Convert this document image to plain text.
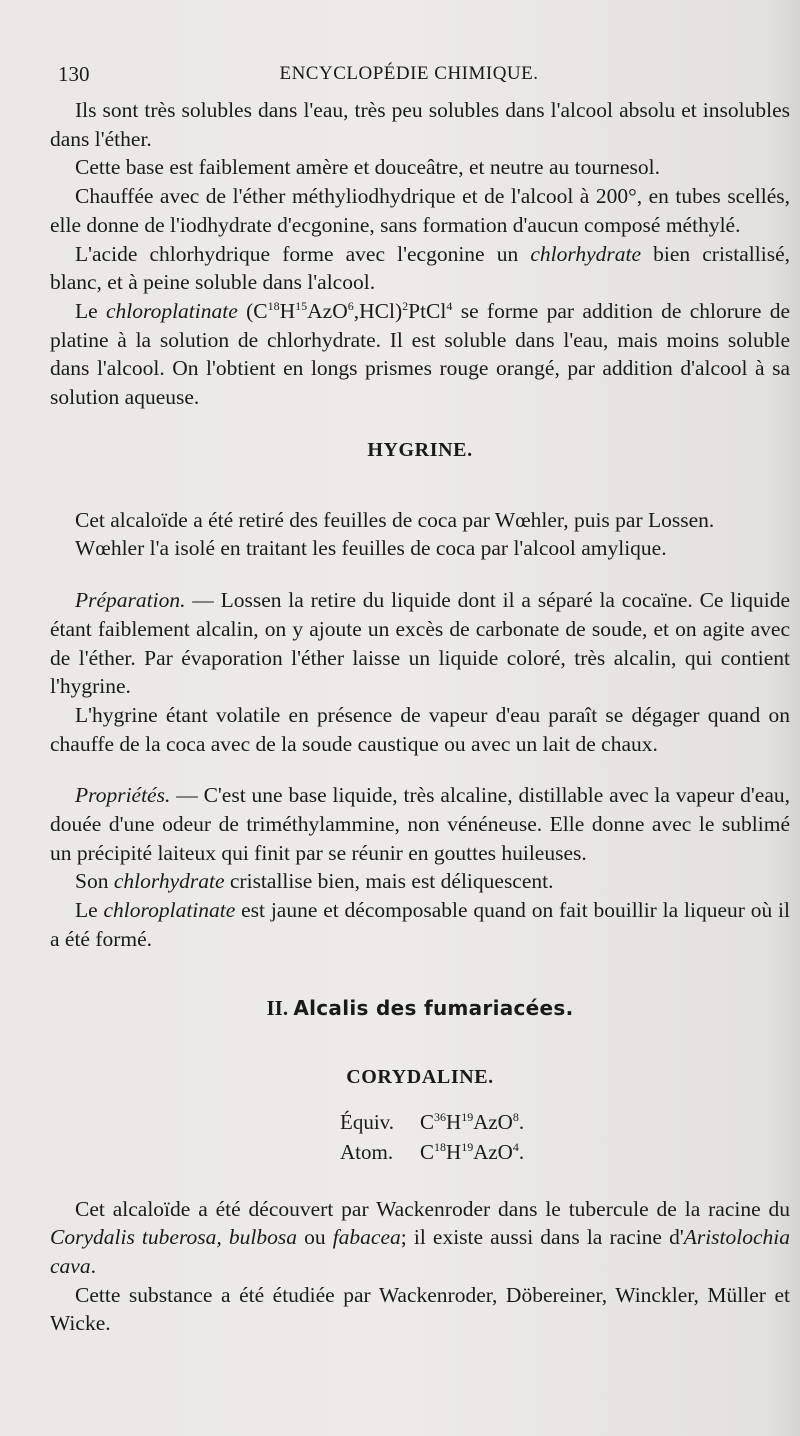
130	ENCYCLOPÉDIE CHIMIQUE.

Ils sont très solubles dans l'eau, très peu solubles dans l'alcool absolu et insolubles dans l'éther.

Cette base est faiblement amère et douceâtre, et neutre au tournesol.

Chauffée avec de l'éther méthyliodhydrique et de l'alcool à 200°, en tubes scellés, elle donne de l'iodhydrate d'ecgonine, sans formation d'aucun composé méthylé.

L'acide chlorhydrique forme avec l'ecgonine un chlorhydrate bien cristallisé, blanc, et à peine soluble dans l'alcool.

Le chloroplatinate $(C^{18}H^{15}AzO^6,HCl)^2PtCl^4$ se forme par addition de chlorure de platine à la solution de chlorhydrate. Il est soluble dans l'eau, mais moins soluble dans l'alcool. On l'obtient en longs prismes rouge orangé, par addition d'alcool à sa solution aqueuse.

HYGRINE.

Cet alcaloïde a été retiré des feuilles de coca par Wœhler, puis par Lossen.

Wœhler l'a isolé en traitant les feuilles de coca par l'alcool amylique.

Préparation. — Lossen la retire du liquide dont il a séparé la cocaïne. Ce liquide étant faiblement alcalin, on y ajoute un excès de carbonate de soude, et on agite avec de l'éther. Par évaporation l'éther laisse un liquide coloré, très alcalin, qui contient l'hygrine.

L'hygrine étant volatile en présence de vapeur d'eau paraît se dégager quand on chauffe de la coca avec de la soude caustique ou avec un lait de chaux.

Propriétés. — C'est une base liquide, très alcaline, distillable avec la vapeur d'eau, douée d'une odeur de triméthylammine, non vénéneuse. Elle donne avec le sublimé un précipité laiteux qui finit par se réunir en gouttes huileuses.

Son chlorhydrate cristallise bien, mais est déliquescent.

Le chloroplatinate est jaune et décomposable quand on fait bouillir la liqueur où il a été formé.

II. Alcalis des fumariacées.
CORYDALINE.
Équiv. $C^{36}H^{19}AzO^8$.
Atom. $C^{18}H^{19}AzO^4$.

Cet alcaloïde a été découvert par Wackenroder dans le tubercule de la racine du Corydalis tuberosa, bulbosa ou fabacea; il existe aussi dans la racine d'Aristolochia cava.

Cette substance a été étudiée par Wackenroder, Döbereiner, Winckler, Müller et Wicke.
